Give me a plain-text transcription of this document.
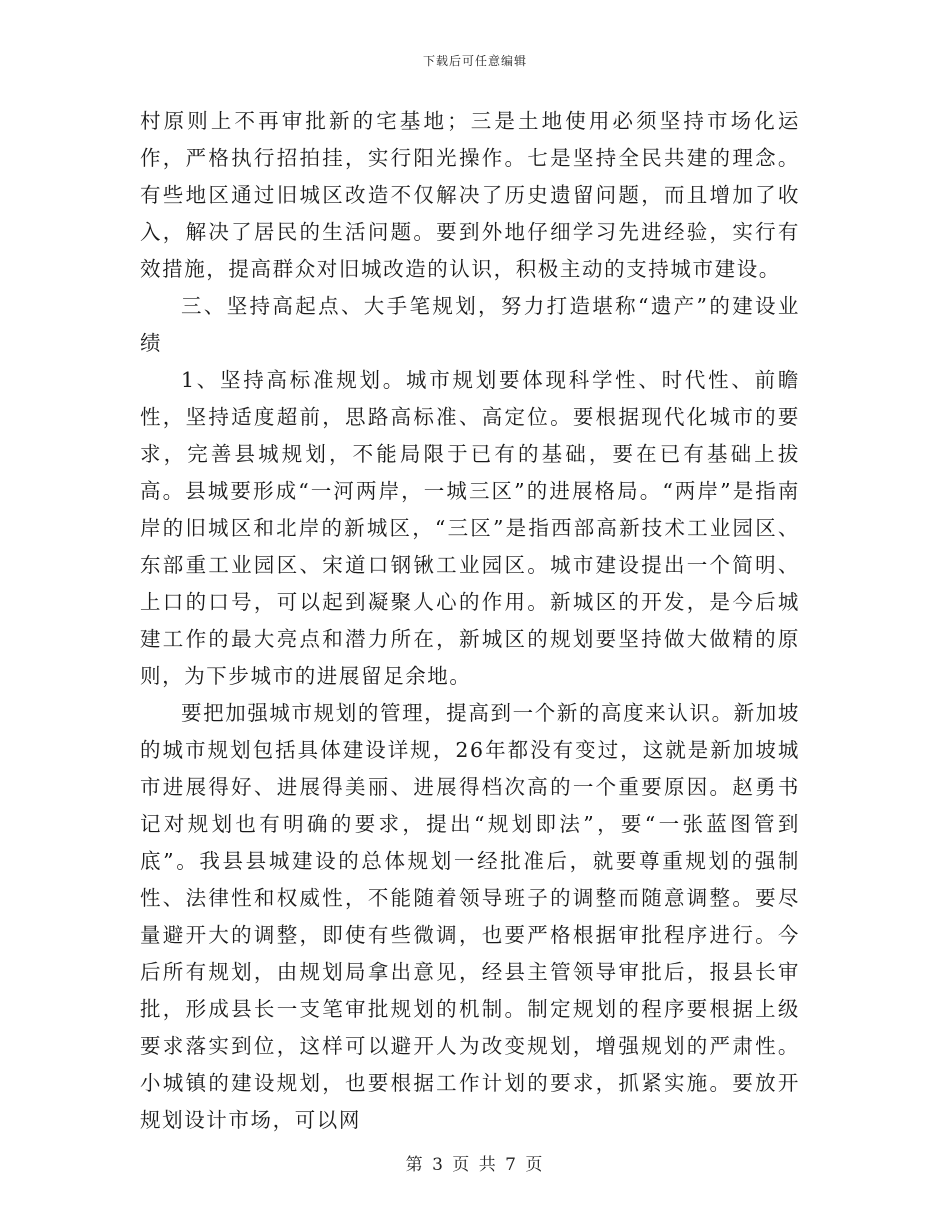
下载后可任意编辑

村原则上不再审批新的宅基地；三是土地使用必须坚持市场化运作，严格执行招拍挂，实行阳光操作。七是坚持全民共建的理念。有些地区通过旧城区改造不仅解决了历史遗留问题，而且增加了收入，解决了居民的生活问题。要到外地仔细学习先进经验，实行有效措施，提高群众对旧城改造的认识，积极主动的支持城市建设。

三、坚持高起点、大手笔规划，努力打造堪称“遗产”的建设业绩

1、坚持高标准规划。城市规划要体现科学性、时代性、前瞻性，坚持适度超前，思路高标准、高定位。要根据现代化城市的要求，完善县城规划，不能局限于已有的基础，要在已有基础上拔高。县城要形成“一河两岸，一城三区”的进展格局。“两岸”是指南岸的旧城区和北岸的新城区，“三区”是指西部高新技术工业园区、东部重工业园区、宋道口钢锹工业园区。城市建设提出一个简明、上口的口号，可以起到凝聚人心的作用。新城区的开发，是今后城建工作的最大亮点和潜力所在，新城区的规划要坚持做大做精的原则，为下步城市的进展留足余地。

要把加强城市规划的管理，提高到一个新的高度来认识。新加坡的城市规划包括具体建设详规，26年都没有变过，这就是新加坡城市进展得好、进展得美丽、进展得档次高的一个重要原因。赵勇书记对规划也有明确的要求，提出“规划即法”，要“一张蓝图管到底”。我县县城建设的总体规划一经批准后，就要尊重规划的强制性、法律性和权威性，不能随着领导班子的调整而随意调整。要尽量避开大的调整，即使有些微调，也要严格根据审批程序进行。今后所有规划，由规划局拿出意见，经县主管领导审批后，报县长审批，形成县长一支笔审批规划的机制。制定规划的程序要根据上级要求落实到位，这样可以避开人为改变规划，增强规划的严肃性。小城镇的建设规划，也要根据工作计划的要求，抓紧实施。要放开规划设计市场，可以网

第 3 页 共 7 页
